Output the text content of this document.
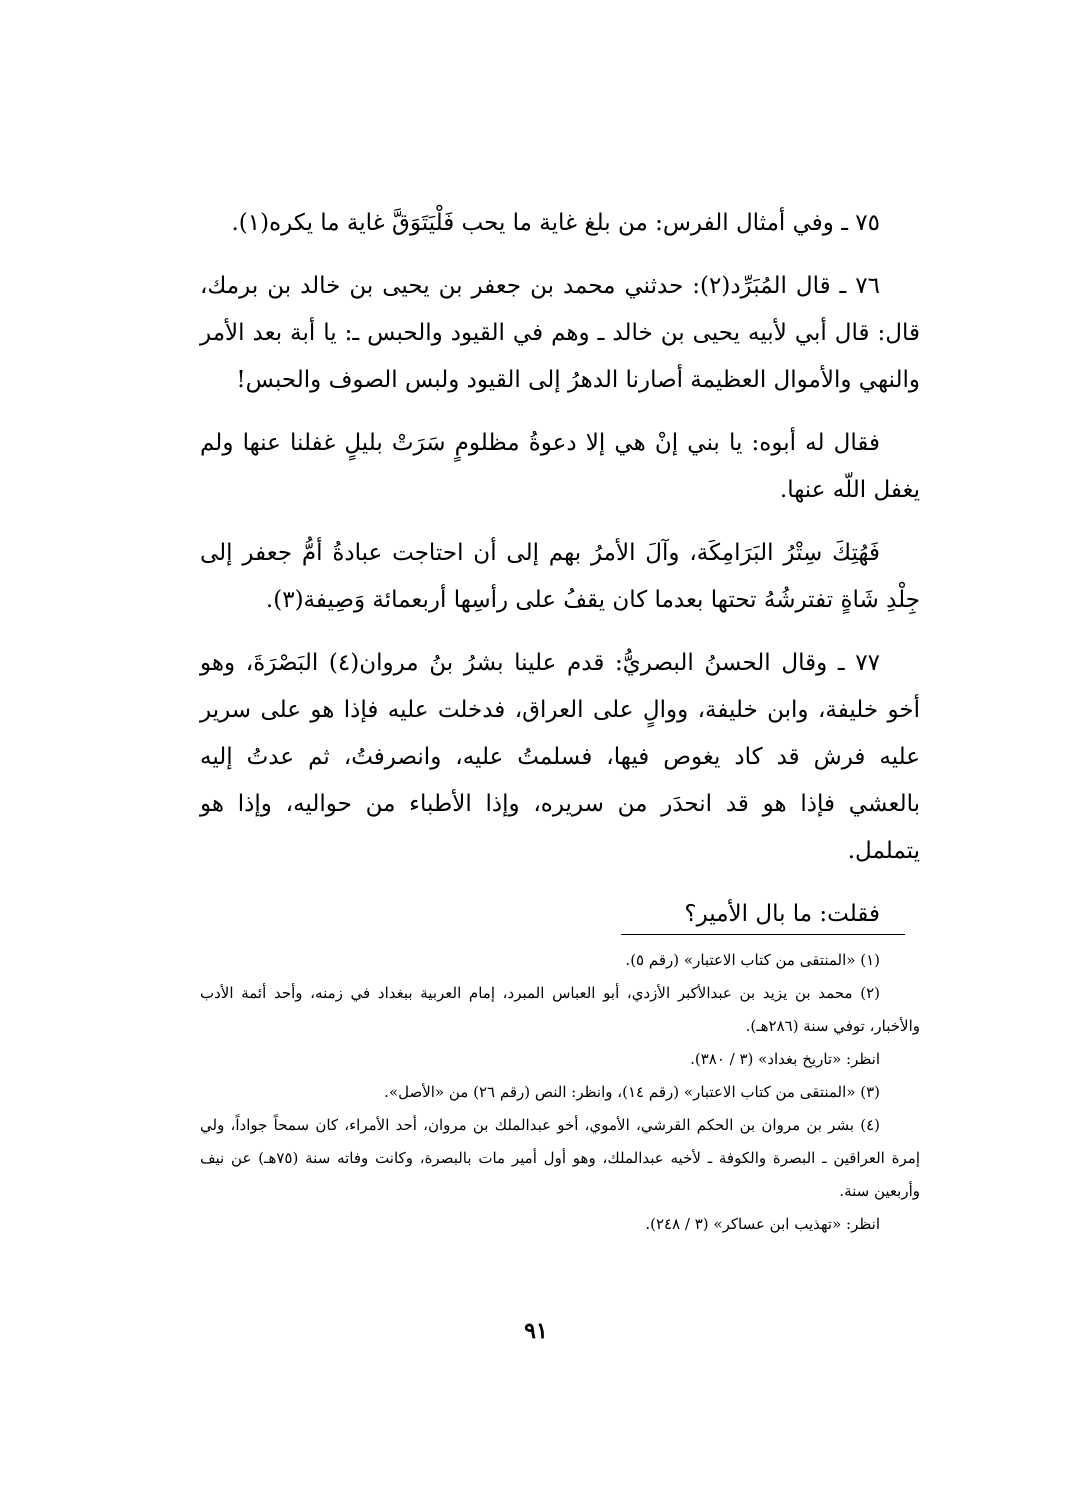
٧٥ ـ وفي أمثال الفرس: من بلغ غاية ما يحب فَلْيَتَوَقَّ غاية ما يكره(١).

٧٦ ـ قال المُبَرِّد(٢): حدثني محمد بن جعفر بن يحيى بن خالد بن برمك، قال: قال أبي لأبيه يحيى بن خالد ـ وهم في القيود والحبس ـ: يا أبة بعد الأمر والنهي والأموال العظيمة أصارنا الدهرُ إلى القيود ولبس الصوف والحبس!

فقال له أبوه: يا بني إنْ هي إلا دعوةُ مظلومٍ سَرَتْ بليلٍ غفلنا عنها ولم يغفل اللّه عنها.

فَهُتِكَ سِتْرُ البَرَامِكَة، وآلَ الأمرُ بهم إلى أن احتاجت عبادةُ أمُّ جعفر إلى جِلْدِ شَاةٍ تفترشُهُ تحتها بعدما كان يقفُ على رأسِها أربعمائة وَصِيفة(٣).

٧٧ ـ وقال الحسنُ البصريُّ: قدم علينا بشرُ بنُ مروان(٤) البَصْرَةَ، وهو أخو خليفة، وابن خليفة، ووالٍ على العراق، فدخلت عليه فإذا هو على سرير عليه فرش قد كاد يغوص فيها، فسلمتُ عليه، وانصرفتُ، ثم عدتُ إليه بالعشي فإذا هو قد انحدَر من سريره، وإذا الأطباء من حواليه، وإذا هو يتململ.

فقلت: ما بال الأمير؟

(١) «المنتقى من كتاب الاعتبار» (رقم ٥).

(٢) محمد بن يزيد بن عبدالأكبر الأزدي، أبو العباس المبرد، إمام العربية ببغداد في زمنه، وأحد أئمة الأدب والأخبار، توفي سنة (٢٨٦هـ).

انظر: «تاريخ بغداد» (٣ / ٣٨٠).

(٣) «المنتقى من كتاب الاعتبار» (رقم ١٤)، وانظر: النص (رقم ٢٦) من «الأصل».

(٤) بشر بن مروان بن الحكم القرشي، الأموي، أخو عبدالملك بن مروان، أحد الأمراء، كان سمحاً جواداً، ولي إمرة العراقين ـ البصرة والكوفة ـ لأخيه عبدالملك، وهو أول أمير مات بالبصرة، وكانت وفاته سنة (٧٥هـ) عن نيف وأربعين سنة.

انظر: «تهذيب ابن عساكر» (٣ / ٢٤٨).

٩١
